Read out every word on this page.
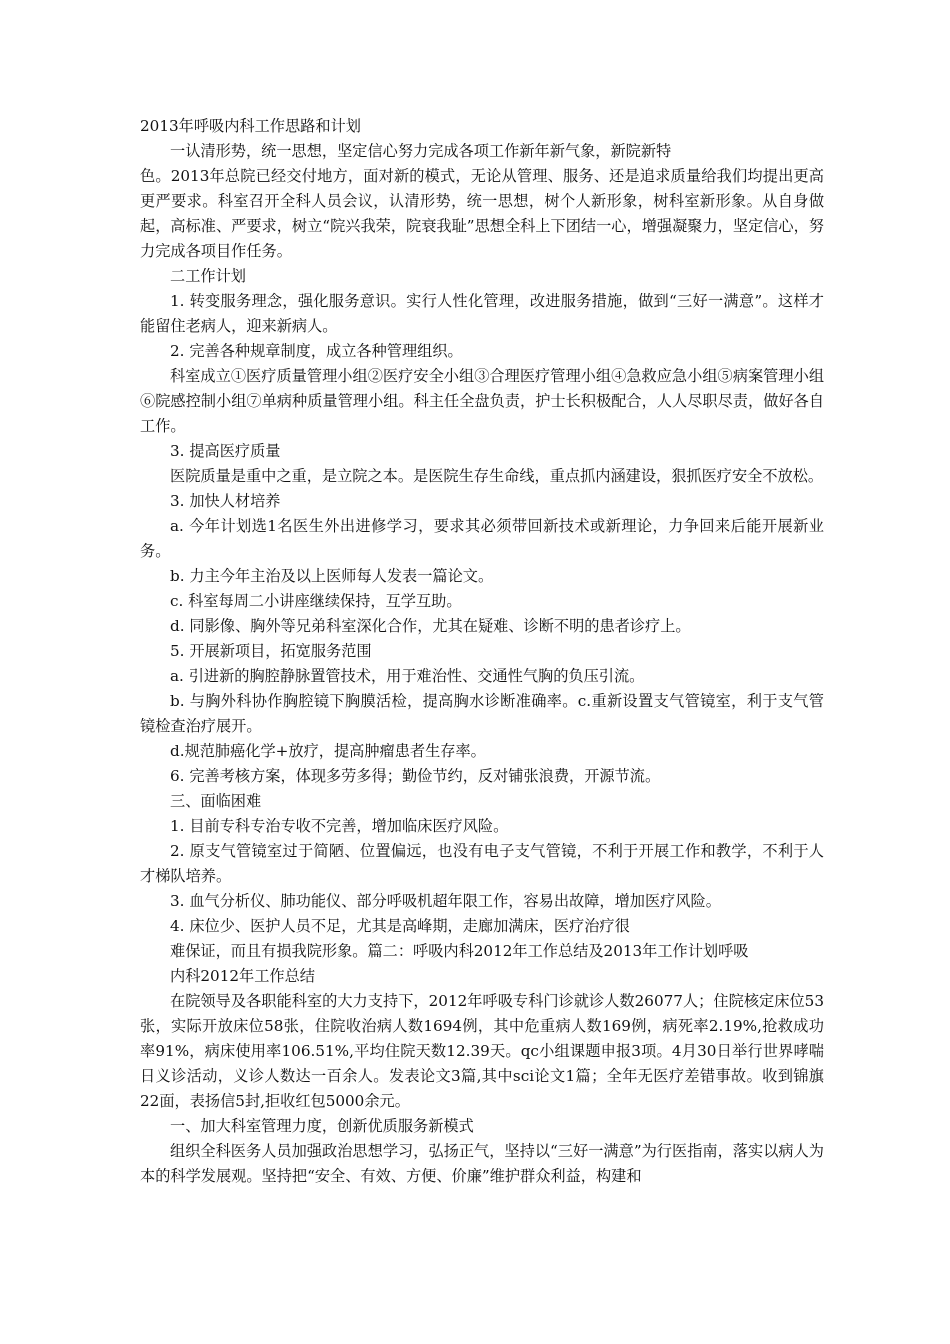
2013年呼吸内科工作思路和计划

一认清形势，统一思想，坚定信心努力完成各项工作新年新气象，新院新特

色。2013年总院已经交付地方，面对新的模式，无论从管理、服务、还是追求质量给我们均提出更高更严要求。科室召开全科人员会议，认清形势，统一思想，树个人新形象，树科室新形象。从自身做起，高标准、严要求，树立“院兴我荣，院衰我耻”思想全科上下团结一心，增强凝聚力，坚定信心，努力完成各项目作任务。

二工作计划

1. 转变服务理念，强化服务意识。实行人性化管理，改进服务措施，做到“三好一满意”。这样才能留住老病人，迎来新病人。

2. 完善各种规章制度，成立各种管理组织。

科室成立①医疗质量管理小组②医疗安全小组③合理医疗管理小组④急救应急小组⑤病案管理小组⑥院感控制小组⑦单病种质量管理小组。科主任全盘负责，护士长积极配合，人人尽职尽责，做好各自工作。

3. 提高医疗质量

医院质量是重中之重，是立院之本。是医院生存生命线，重点抓内涵建设，狠抓医疗安全不放松。

3. 加快人材培养

a. 今年计划选1名医生外出进修学习，要求其必须带回新技术或新理论，力争回来后能开展新业务。

b. 力主今年主治及以上医师每人发表一篇论文。

c. 科室每周二小讲座继续保持，互学互助。

d. 同影像、胸外等兄弟科室深化合作，尤其在疑难、诊断不明的患者诊疗上。

5. 开展新项目，拓宽服务范围

a. 引进新的胸腔静脉置管技术，用于难治性、交通性气胸的负压引流。

b. 与胸外科协作胸腔镜下胸膜活检，提高胸水诊断准确率。c.重新设置支气管镜室，利于支气管镜检查治疗展开。

d.规范肺癌化学+放疗，提高肿瘤患者生存率。

6. 完善考核方案，体现多劳多得；勤俭节约，反对铺张浪费，开源节流。

三、面临困难

1. 目前专科专治专收不完善，增加临床医疗风险。

2. 原支气管镜室过于简陋、位置偏远，也没有电子支气管镜，不利于开展工作和教学，不利于人才梯队培养。

3. 血气分析仪、肺功能仪、部分呼吸机超年限工作，容易出故障，增加医疗风险。

4. 床位少、医护人员不足，尤其是高峰期，走廊加满床，医疗治疗很

难保证，而且有损我院形象。篇二：呼吸内科2012年工作总结及2013年工作计划呼吸

内科2012年工作总结

在院领导及各职能科室的大力支持下，2012年呼吸专科门诊就诊人数26077人；住院核定床位53张，实际开放床位58张，住院收治病人数1694例，其中危重病人数169例，病死率2.19%,抢救成功率91%，病床使用率106.51%,平均住院天数12.39天。qc小组课题申报3项。4月30日举行世界哮喘日义诊活动，义诊人数达一百余人。发表论文3篇,其中sci论文1篇；全年无医疗差错事故。收到锦旗22面，表扬信5封,拒收红包5000余元。

一、加大科室管理力度，创新优质服务新模式

组织全科医务人员加强政治思想学习，弘扬正气，坚持以“三好一满意”为行医指南，落实以病人为本的科学发展观。坚持把“安全、有效、方便、价廉”维护群众利益，构建和
